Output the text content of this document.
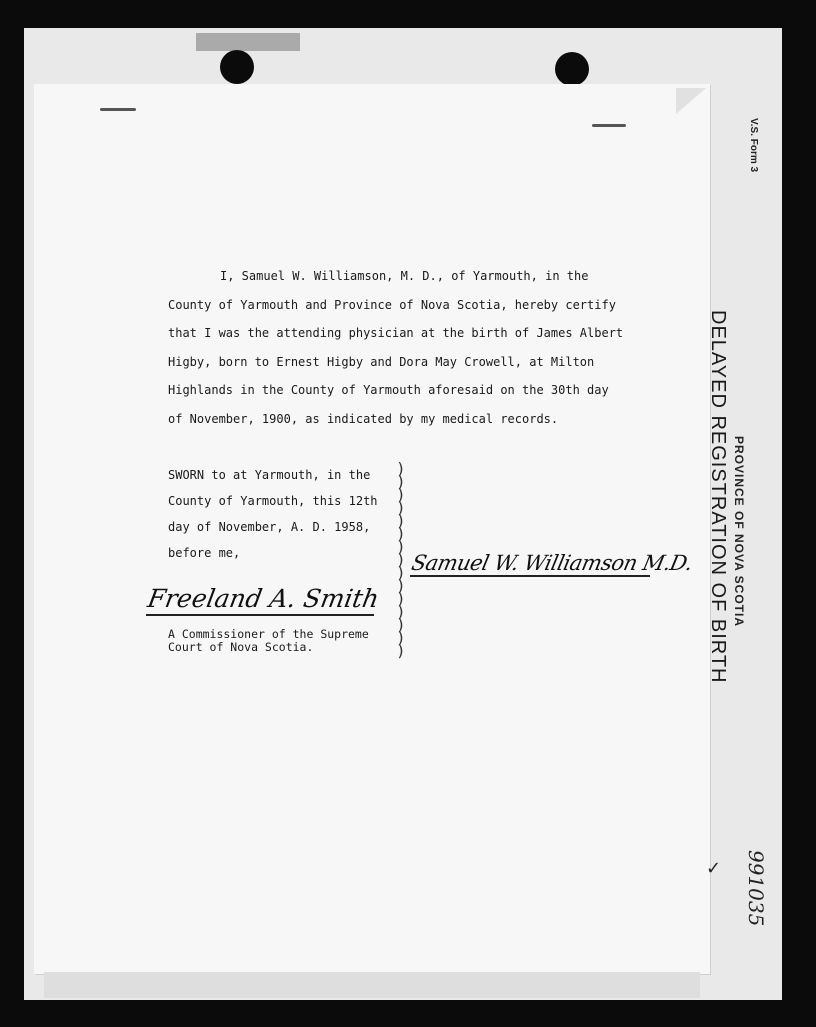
V.S. Form 3
PROVINCE OF NOVA SCOTIA
DELAYED REGISTRATION OF BIRTH
991035
✓
I, Samuel W. Williamson, M. D., of Yarmouth, in the
County of Yarmouth and Province of Nova Scotia, hereby certify
that I was the attending physician at the birth of James Albert
Higby, born to Ernest Higby and Dora May Crowell, at Milton
Highlands in the County of Yarmouth aforesaid on the 30th day
of November, 1900, as indicated by my medical records.
SWORN to at Yarmouth, in the
County of Yarmouth, this 12th
day of November, A. D. 1958,
before me,
)
)
)
)
)
)
)
)
)
)
)
)
)
)
)
Freeland A. Smith
A Commissioner of the Supreme
Court of Nova Scotia.
Samuel W. Williamson M.D.
